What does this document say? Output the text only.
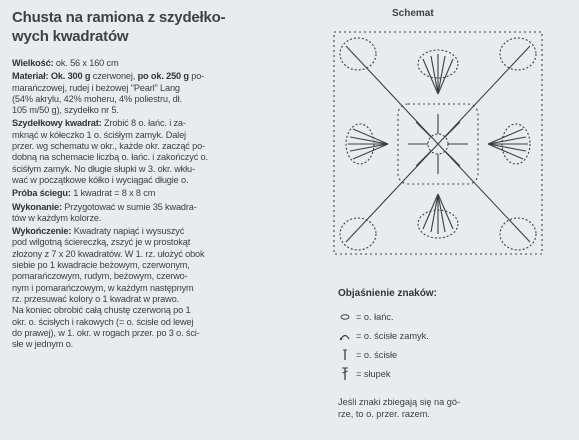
Chusta na ramiona z szydełko-
wych kwadratów
Wielkość: ok. 56 x 160 cm
Materiał: Ok. 300 g czerwonej, po ok. 250 g po-
marańczowej, rudej i beżowej "Pearl" Lang
(54% akrylu, 42% moheru, 4% poliestru, dł.
105 m/50 g), szydełko nr 5.
Szydełkowy kwadrat: Zrobić 8 o. łańc. i za-
mknąć w kółeczko 1 o. ściśłym zamyk. Dalej
przer. wg schematu w okr., każde okr. zacząć po-
dobną na schemacie liczbą o. łańc. i zakończyć o.
ściśłym zamyk. No długie słupki w 3. okr. wkłu-
wać w początkowe kółko i wyciągać długie o.
Próba ściegu: 1 kwadrat = 8 x 8 cm
Wykonanie: Przygotować w sumie 35 kwadra-
tów w każdym kolorze.
Wykończenie: Kwadraty napiąć i wysuszyć
pod wilgotną ściereczką, zszyć je w prostokąt
złożony z 7 x 20 kwadratów. W 1. rz. ułożyć obok
siebie po 1 kwadracie beżowym, czerwonym,
pomarańczowym, rudym, beżowym, czerwo-
nym i pomarańczowym, w każdym następnym
rz. przesuwać kolory o 1 kwadrat w prawo.
Na koniec obrobić całą chustę czerwoną po 1
okr. o. ścisłych i rakowych (= o. ścisłe od lewej
do prawej), w 1. okr. w rogach przer. po 3 o. ści-
słe w jednym o.
Schemat
Objaśnienie znaków:
= o. łańc.
= o. ścisłe zamyk.
= o. ścisłe
= słupek
Jeśli znaki zbiegają się na gó-
rze, to o. przer. razem.
